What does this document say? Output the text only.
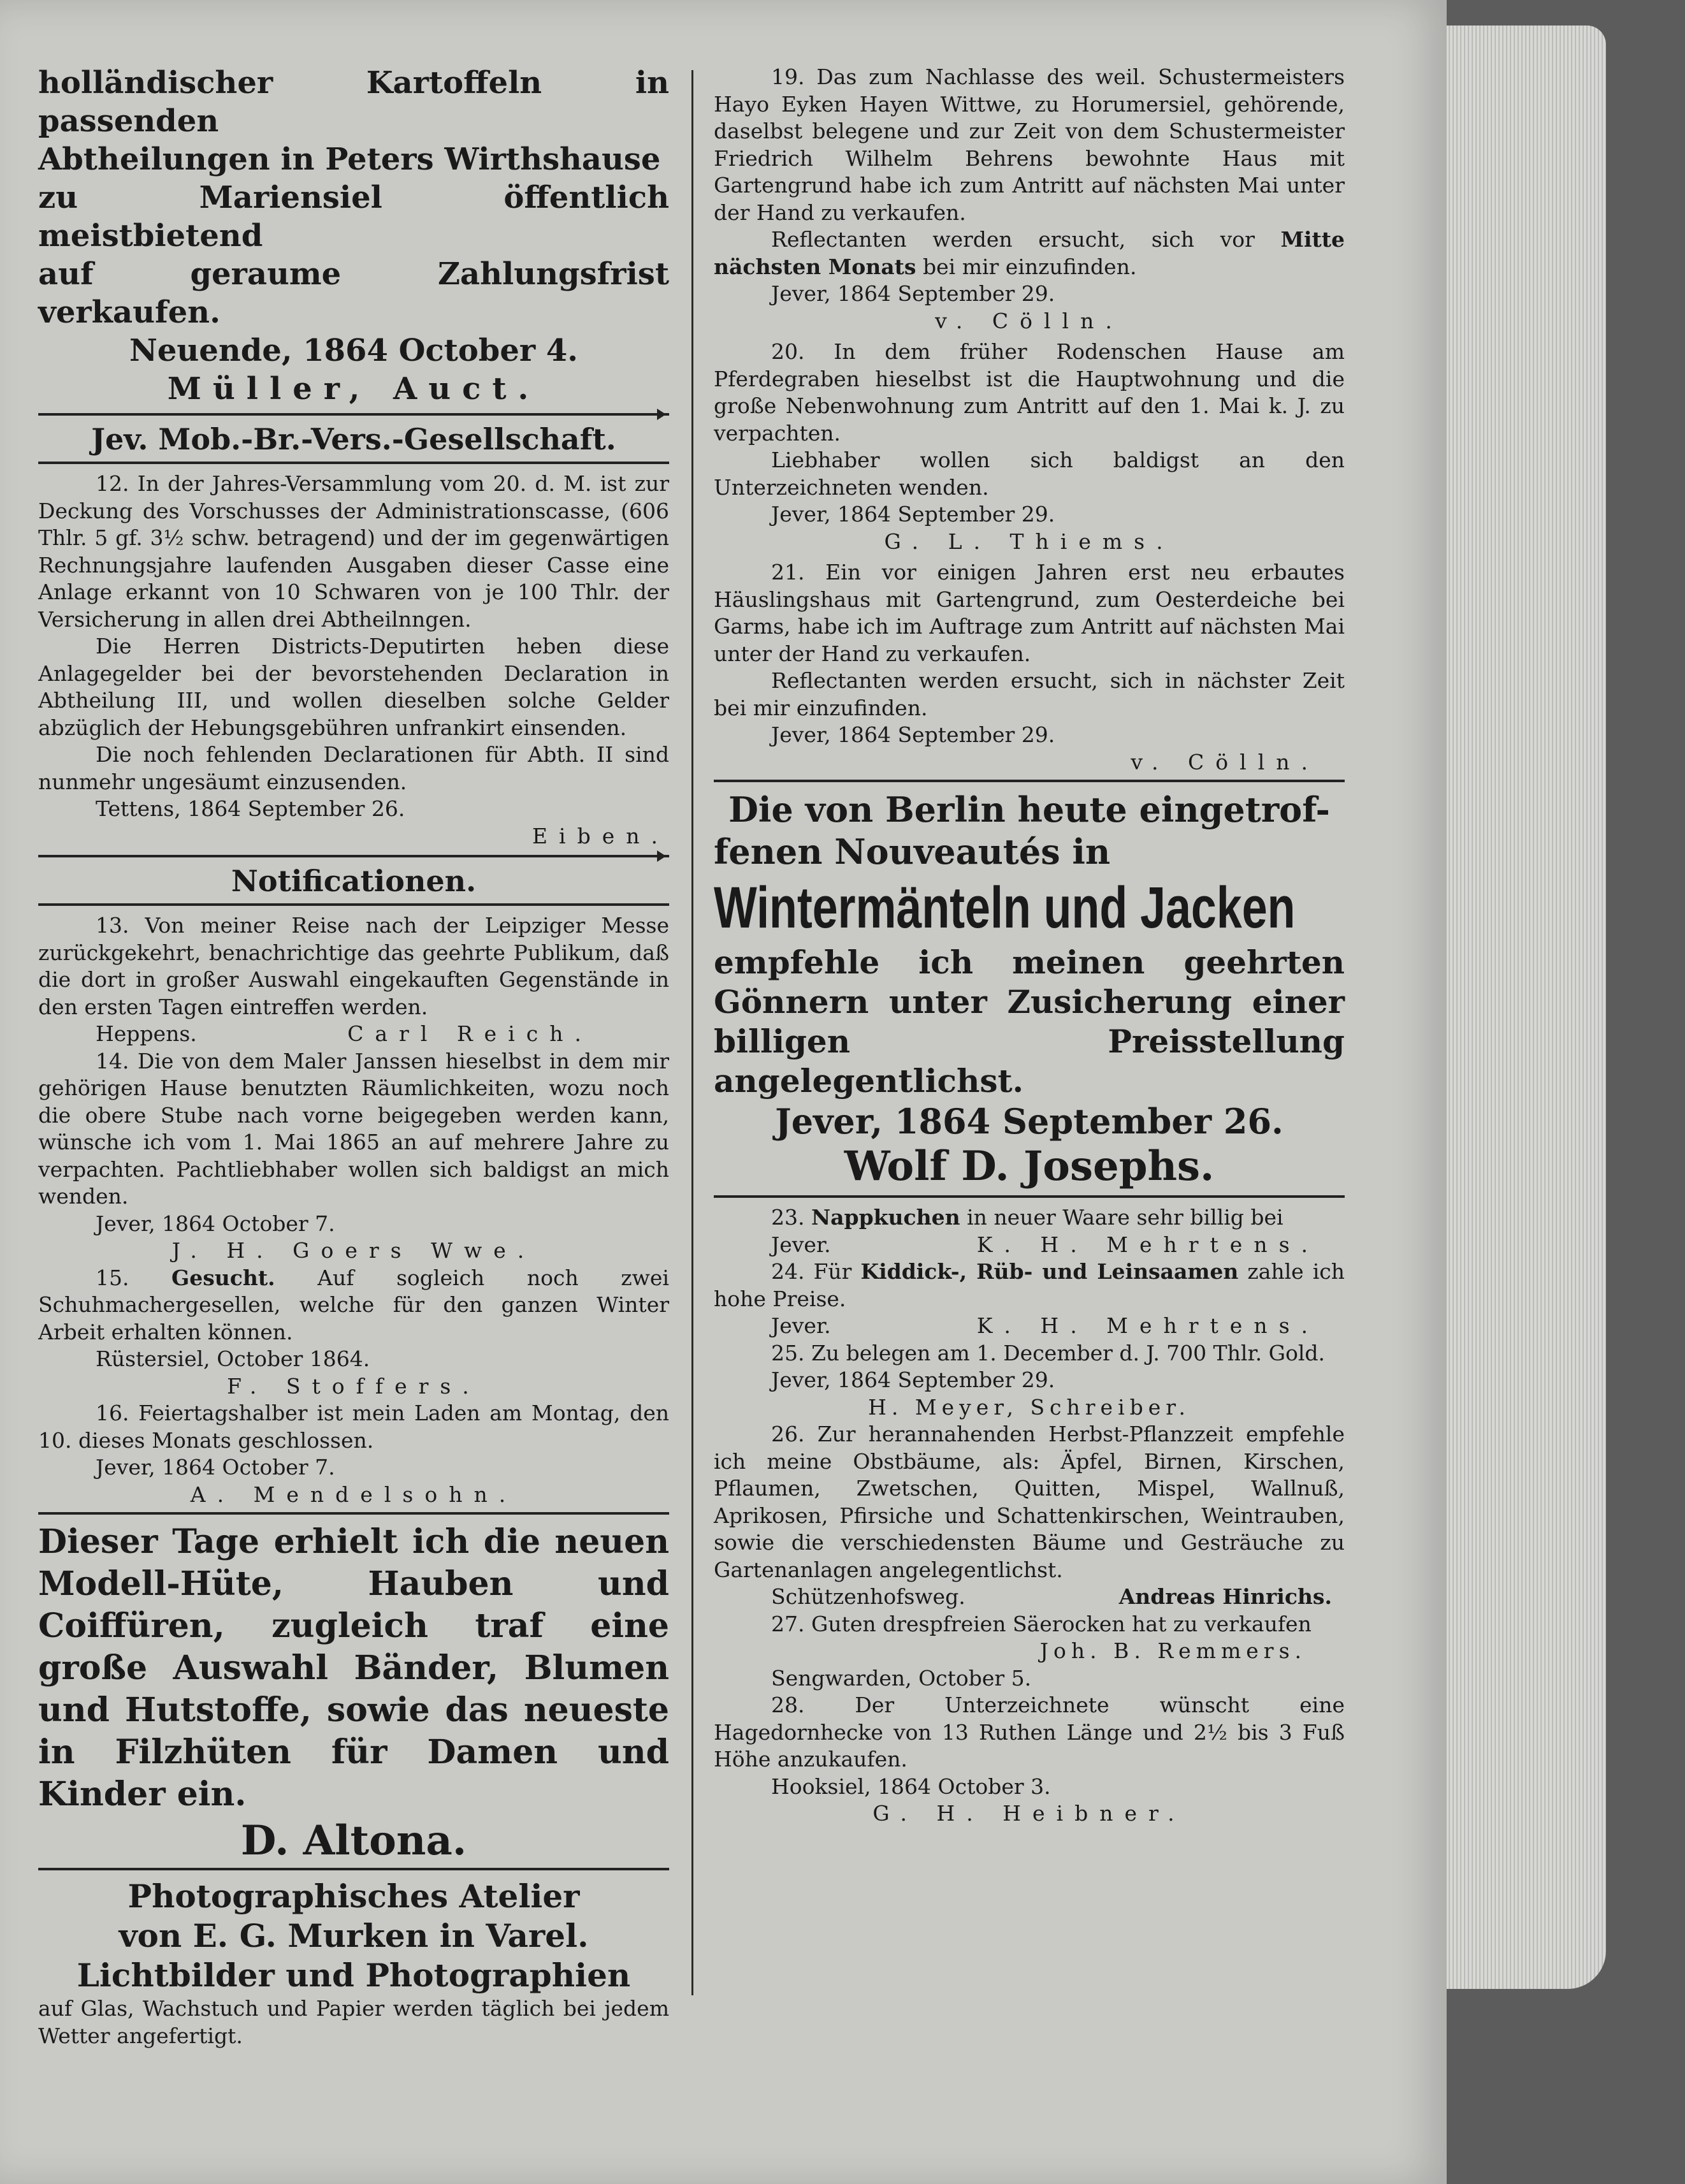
holländischer Kartoffeln in passenden

Abtheilungen in Peters Wirthshause

zu Mariensiel öffentlich meistbietend

auf geraume Zahlungsfrist verkaufen.

Neuende, 1864 October 4.

Müller, Auct.

Jev. Mob.-Br.-Vers.-Gesellschaft.

12. In der Jahres-Versammlung vom 20. d. M. ist zur Deckung des Vorschusses der Administrationscasse, (606 Thlr. 5 gf. 3½ schw. betragend) und der im gegenwärtigen Rechnungsjahre laufenden Ausgaben dieser Casse eine Anlage erkannt von 10 Schwaren von je 100 Thlr. der Versicherung in allen drei Abtheilnngen.

Die Herren Districts-Deputirten heben diese Anlagegelder bei der bevorstehenden Declaration in Abtheilung III, und wollen dieselben solche Gelder abzüglich der Hebungsgebühren unfrankirt einsenden.

Die noch fehlenden Declarationen für Abth. II sind nunmehr ungesäumt einzusenden.

Tettens, 1864 September 26.

Eiben.

Notificationen.

13. Von meiner Reise nach der Leipziger Messe zurückgekehrt, benachrichtige das geehrte Publikum, daß die dort in großer Auswahl eingekauften Gegenstände in den ersten Tagen eintreffen werden.

Heppens.	Carl Reich.

14. Die von dem Maler Janssen hieselbst in dem mir gehörigen Hause benutzten Räumlichkeiten, wozu noch die obere Stube nach vorne beigegeben werden kann, wünsche ich vom 1. Mai 1865 an auf mehrere Jahre zu verpachten. Pachtliebhaber wollen sich baldigst an mich wenden.

Jever, 1864 October 7.

J. H. Goers Wwe.

15. Gesucht. Auf sogleich noch zwei Schuhmachergesellen, welche für den ganzen Winter Arbeit erhalten können.

Rüstersiel, October 1864.

F. Stoffers.

16. Feiertagshalber ist mein Laden am Montag, den 10. dieses Monats geschlossen.

Jever, 1864 October 7.

A. Mendelsohn.

Dieser Tage erhielt ich die neuen Modell-Hüte, Hauben und Coiffüren, zugleich traf eine große Auswahl Bänder, Blumen und Hutstoffe, sowie das neueste in Filzhüten für Damen und Kinder ein.

D. Altona.

Photographisches Atelier

von E. G. Murken in Varel.

Lichtbilder und Photographien

auf Glas, Wachstuch und Papier werden täglich bei jedem Wetter angefertigt.

19. Das zum Nachlasse des weil. Schustermeisters Hayo Eyken Hayen Wittwe, zu Horumersiel, gehörende, daselbst belegene und zur Zeit von dem Schustermeister Friedrich Wilhelm Behrens bewohnte Haus mit Gartengrund habe ich zum Antritt auf nächsten Mai unter der Hand zu verkaufen.

Reflectanten werden ersucht, sich vor Mitte nächsten Monats bei mir einzufinden.

Jever, 1864 September 29.

v. Cölln.

20. In dem früher Rodenschen Hause am Pferdegraben hieselbst ist die Hauptwohnung und die große Nebenwohnung zum Antritt auf den 1. Mai k. J. zu verpachten.

Liebhaber wollen sich baldigst an den Unterzeichneten wenden.

Jever, 1864 September 29.

G. L. Thiems.

21. Ein vor einigen Jahren erst neu erbautes Häuslingshaus mit Gartengrund, zum Oesterdeiche bei Garms, habe ich im Auftrage zum Antritt auf nächsten Mai unter der Hand zu verkaufen.

Reflectanten werden ersucht, sich in nächster Zeit bei mir einzufinden.

Jever, 1864 September 29.

v. Cölln.

Die von Berlin heute eingetrof-

fenen Nouveautés in

Wintermänteln und Jacken

empfehle ich meinen geehrten Gönnern unter Zusicherung einer billigen Preisstellung angelegentlichst.

Jever, 1864 September 26.

Wolf D. Josephs.

23. Nappkuchen in neuer Waare sehr billig bei

Jever.	K. H. Mehrtens.

24. Für Kiddick-, Rüb- und Leinsaamen zahle ich hohe Preise.

Jever.	K. H. Mehrtens.

25. Zu belegen am 1. December d. J. 700 Thlr. Gold.

Jever, 1864 September 29.

H. Meyer, Schreiber.

26. Zur herannahenden Herbst-Pflanzzeit empfehle ich meine Obstbäume, als: Äpfel, Birnen, Kirschen, Pflaumen, Zwetschen, Quitten, Mispel, Wallnuß, Aprikosen, Pfirsiche und Schattenkirschen, Weintrauben, sowie die verschiedensten Bäume und Gesträuche zu Gartenanlagen angelegentlichst.

Schützenhofsweg.	Andreas Hinrichs.

27. Guten drespfreien Säerocken hat zu verkaufen

Joh. B. Remmers.

Sengwarden, October 5.

28. Der Unterzeichnete wünscht eine Hagedornhecke von 13 Ruthen Länge und 2½ bis 3 Fuß Höhe anzukaufen.

Hooksiel, 1864 October 3.

G. H. Heibner.
